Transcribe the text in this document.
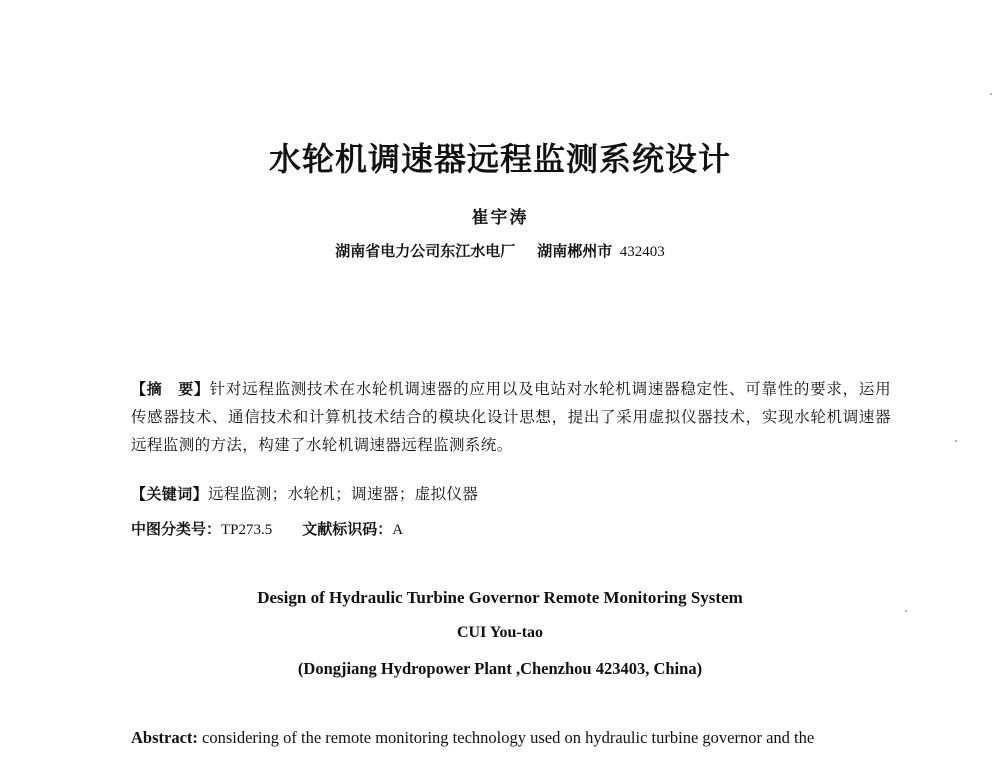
水轮机调速器远程监测系统设计
崔宇涛
湖南省电力公司东江水电厂 湖南郴州市 432403
【摘　要】针对远程监测技术在水轮机调速器的应用以及电站对水轮机调速器稳定性、可靠性的要求，运用传感器技术、通信技术和计算机技术结合的模块化设计思想，提出了采用虚拟仪器技术，实现水轮机调速器远程监测的方法，构建了水轮机调速器远程监测系统。
【关键词】远程监测；水轮机；调速器；虚拟仪器
中图分类号：TP273.5 文献标识码：A
Design of Hydraulic Turbine Governor Remote Monitoring System
CUI You-tao
(Dongjiang Hydropower Plant ,Chenzhou 423403, China)
Abstract: considering of the remote monitoring technology used on hydraulic turbine governor and the
